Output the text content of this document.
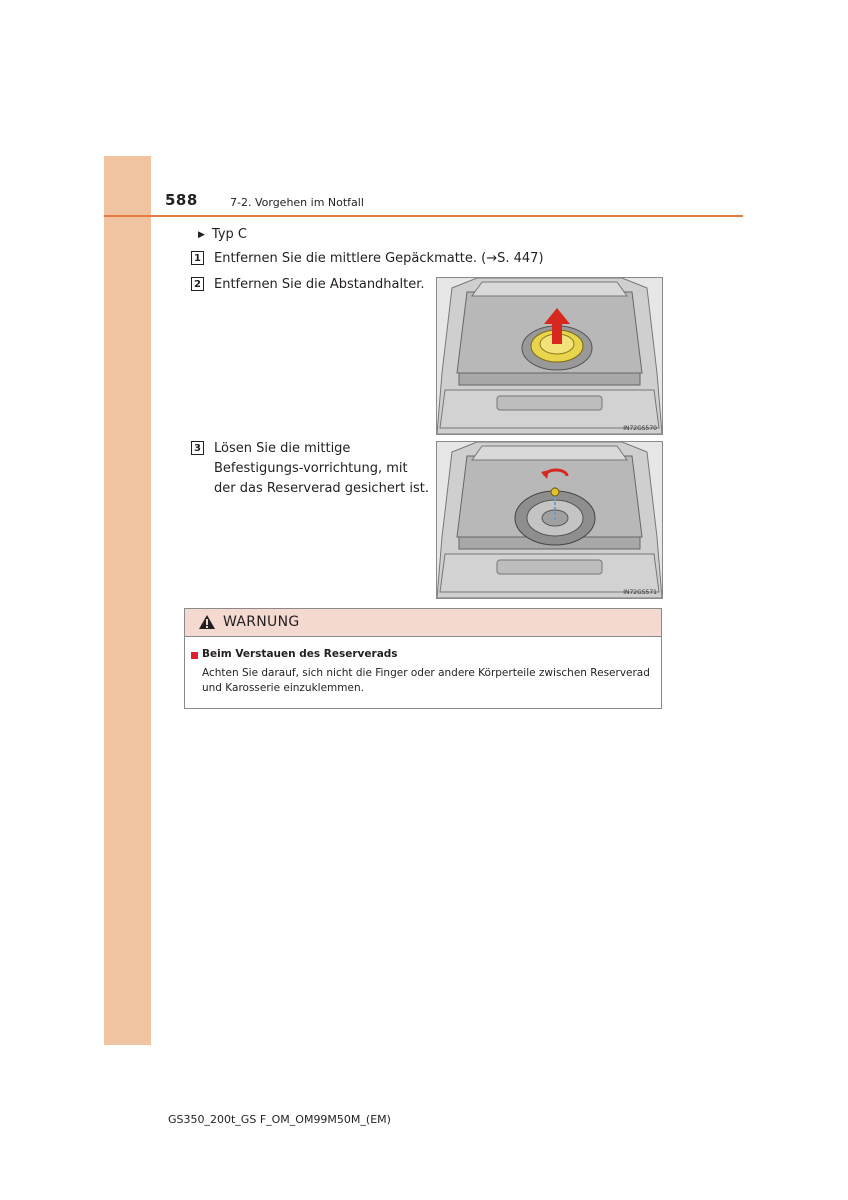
588	7-2. Vorgehen im Notfall
▶ Typ C
1 Entfernen Sie die mittlere Gepäckmatte. (→S. 447)
2 Entfernen Sie die Abstandhalter.
3 Lösen Sie die mittige Befestigungs-vorrichtung, mit der das Reserverad gesichert ist.
IN72GS570
IN72GS571
WARNUNG
Beim Verstauen des Reserverads
Achten Sie darauf, sich nicht die Finger oder andere Körperteile zwischen Reserverad und Karosserie einzuklemmen.
GS350_200t_GS F_OM_OM99M50M_(EM)
